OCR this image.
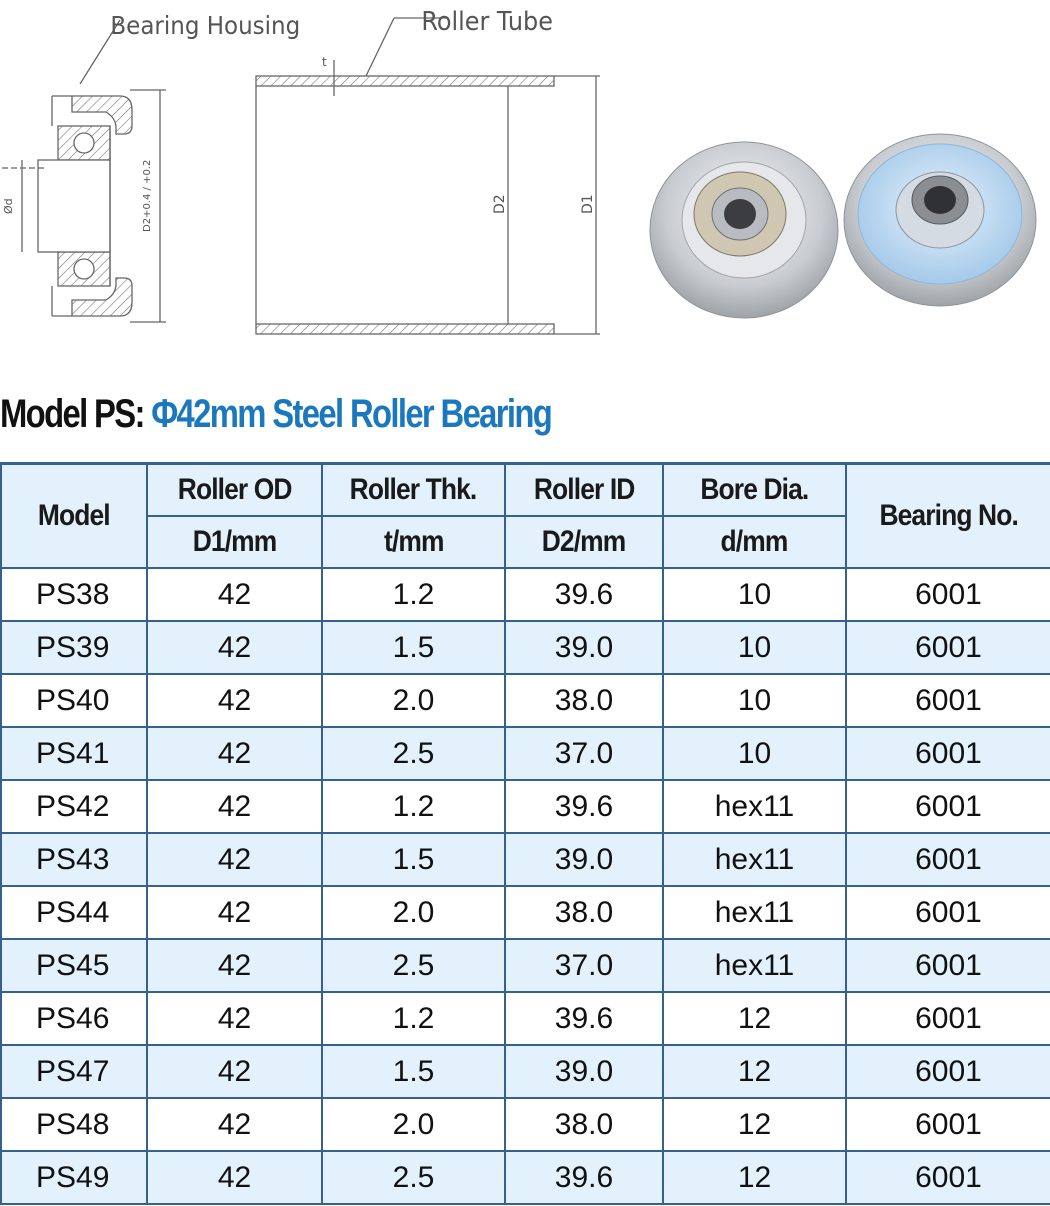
Bearing Housing
Ød	D2+0.4 / +0.2
Roller Tube
t
D2	D1
Model PS: Φ42mm Steel Roller Bearing
Model	Roller OD	Roller Thk.	Roller ID	Bore Dia.	Bearing No.
	D1/mm	t/mm	D2/mm	d/mm	
PS38	42	1.2	39.6	10	6001
PS39	42	1.5	39.0	10	6001
PS40	42	2.0	38.0	10	6001
PS41	42	2.5	37.0	10	6001
PS42	42	1.2	39.6	hex11	6001
PS43	42	1.5	39.0	hex11	6001
PS44	42	2.0	38.0	hex11	6001
PS45	42	2.5	37.0	hex11	6001
PS46	42	1.2	39.6	12	6001
PS47	42	1.5	39.0	12	6001
PS48	42	2.0	38.0	12	6001
PS49	42	2.5	39.6	12	6001
